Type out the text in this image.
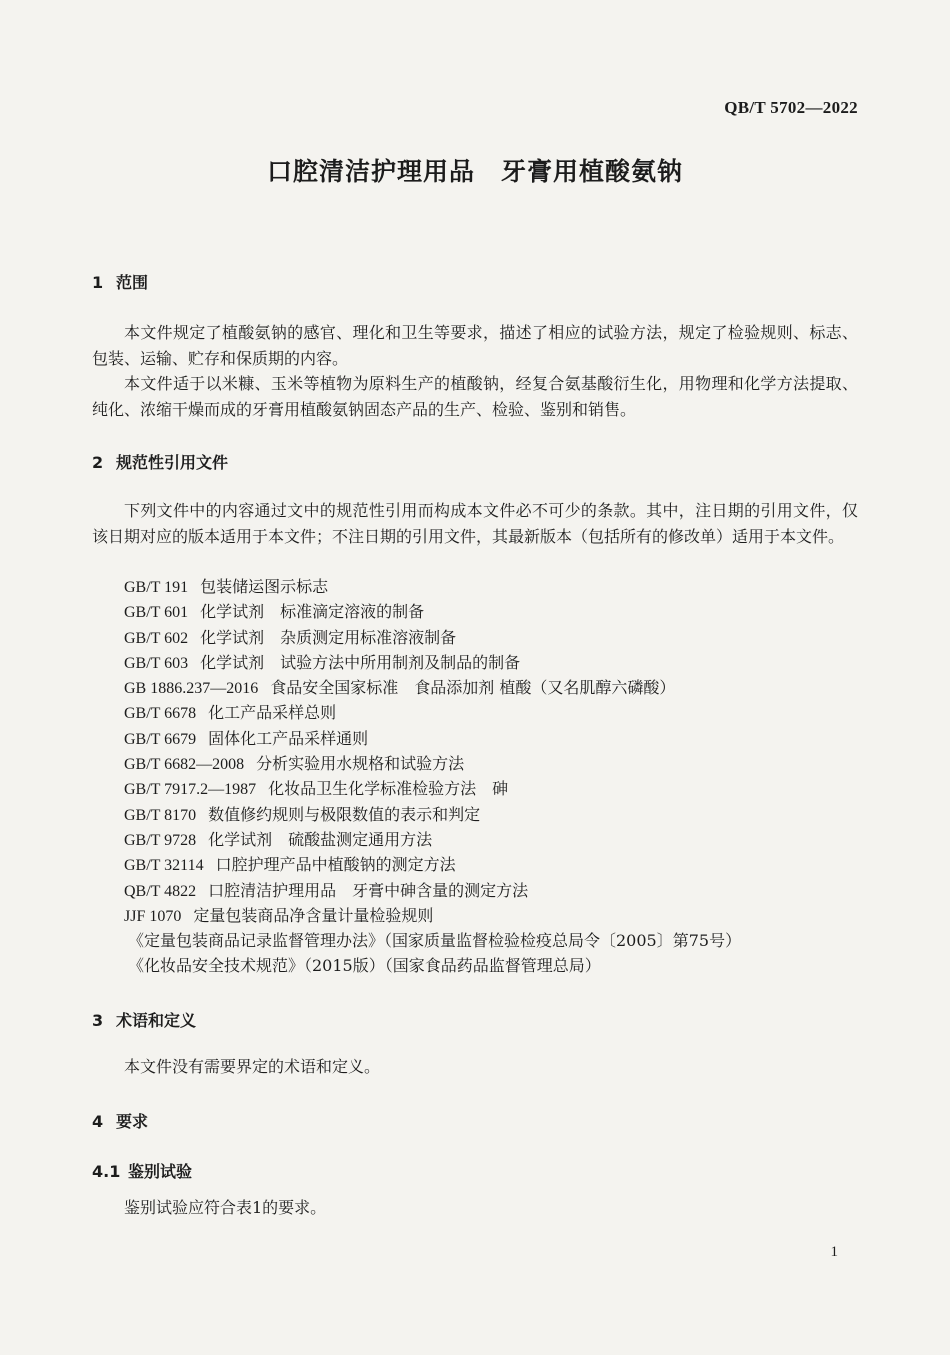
QB/T 5702—2022
口腔清洁护理用品　牙膏用植酸氨钠
1 范围
本文件规定了植酸氨钠的感官、理化和卫生等要求，描述了相应的试验方法，规定了检验规则、标志、包装、运输、贮存和保质期的内容。
本文件适于以米糠、玉米等植物为原料生产的植酸钠，经复合氨基酸衍生化，用物理和化学方法提取、纯化、浓缩干燥而成的牙膏用植酸氨钠固态产品的生产、检验、鉴别和销售。
2 规范性引用文件
下列文件中的内容通过文中的规范性引用而构成本文件必不可少的条款。其中，注日期的引用文件，仅该日期对应的版本适用于本文件；不注日期的引用文件，其最新版本（包括所有的修改单）适用于本文件。
GB/T 191 包装储运图示标志
GB/T 601 化学试剂　标准滴定溶液的制备
GB/T 602 化学试剂　杂质测定用标准溶液制备
GB/T 603 化学试剂　试验方法中所用制剂及制品的制备
GB 1886.237—2016 食品安全国家标准　食品添加剂 植酸（又名肌醇六磷酸）
GB/T 6678 化工产品采样总则
GB/T 6679 固体化工产品采样通则
GB/T 6682—2008 分析实验用水规格和试验方法
GB/T 7917.2—1987 化妆品卫生化学标准检验方法　砷
GB/T 8170 数值修约规则与极限数值的表示和判定
GB/T 9728 化学试剂　硫酸盐测定通用方法
GB/T 32114 口腔护理产品中植酸钠的测定方法
QB/T 4822 口腔清洁护理用品　牙膏中砷含量的测定方法
JJF 1070 定量包装商品净含量计量检验规则
《定量包装商品记录监督管理办法》（国家质量监督检验检疫总局令〔2005〕第75号）
《化妆品安全技术规范》（2015版）（国家食品药品监督管理总局）
3 术语和定义
本文件没有需要界定的术语和定义。
4 要求
4.1 鉴别试验
鉴别试验应符合表1的要求。
1
